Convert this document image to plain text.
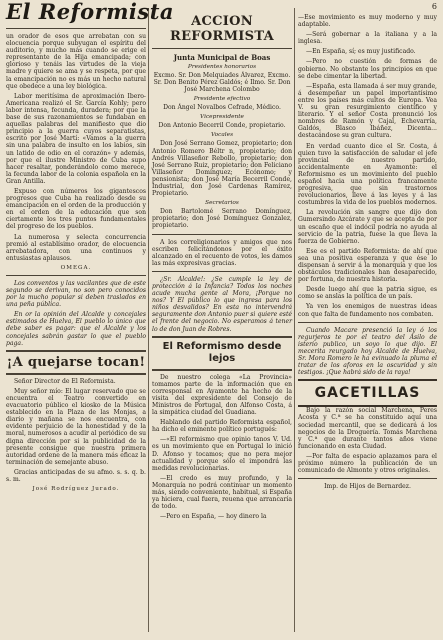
6
El Reformista

un orador de esos que arrebatan con su elocuencia porque subyugan el espíritu del auditorio, y mucho más cuando se erige el representante de la Hija emancipada; con glorioso y tenáis las virtudes de la vieja madre y quiere se ama y se respeta, por que la emancipación no es más un hecho natural que obedece a una ley biológica.

Labor meritísima de aproximación Ibero-Americana realizó el Sr. García Kohly; pero labor intensa, fecunda, duradera; por que la base de sus razonamientos se fundaban en aquellas palabras del manifiesto que dio principio a la guerra cuyos separatistas, escrito por José Martí: «Vamos a la guerra sin una palabra de insulto en los labios, sin un latido de odio en el corazón» y además, por que el ilustre Ministro de Cuba supo hacer resaltar, ponderándolo como merece, la fecunda labor de la colonia española en la Gran Antilla.

Expuso con números los gigantescos progresos que Cuba ha realizado desde su emancipación en el orden de la producción y en el orden de la educación que son ciertamente los tres puntos fundamentales del progreso de los pueblos.

La numerosa y selecta concurrencia premió al establísimo orador, de elocuencia arrebatadora, con una continuos y entusiastas aplausos.

OMEGA.

Los conventos y las vacilantes que de este segundo se derivan, no son pero conocidos por la mucho popular si deben traslados en una peña pública.

En or la opinión del Alcalde y concejales estimados de Huelva, El pueblo lo único que debe saber es pagar: que el Alcalde y los concejales sabrán gastar lo que el pueblo paga.

¡A quejarse tocan!

Señor Director de El Reformista.

Muy señor mío: El lugar reservado que se encuentra el Teatro convertido en evacuatorio público el kiosko de la Música establecido en la Plaza de las Monjas, a diario y mañana se nos encuentra, con evidente perjuicio de la honestidad y de la moral, numerosos a acudir al periódico de su digna dirección por si la publicidad de la presente consigue que nuestra primera autoridad ordene de la manera más eficaz la terminación de semejante abuso.

Gracias anticipadas de su afmo. s. s. q. b. s. m.

José Rodríguez Jurado.
ACCION REFORMISTA
Junta Municipal de Boas
Presidentes honorarios

Excmo. Sr. Don Melquiades Álvarez, Excmo. Sr. Don Benito Pérez Galdós; é Ilmo. Sr. Don José Marchena Colombo

Presidente efectivo

Don Ángel Novalbos Cefrade, Médico.

Vicepresidente

Don Antonio Becerril Conde, propietario.

Vocales

Don José Serrano Gomez, propietario; don Antonio Romero Béltr n, propietario; don Andrés Villaseñor Rebollo, propietario; don José Serrano Ruiz, propietario; don Feliciano Villaseñor Domínguez; Ecónomo; y pensionista; don José María Becerril Conde, Industrial, don José Cardenas Ramírez, Propietario.

Secretarios

Don Bartolomé Serrano Domínguez, propietario; don José Domínguez Gonzalez, propietario.

A los correligionarios y amigos que nos escriben felicitándonos por el éxito alcanzado en el recuento de votos, les damos las más expresivas gracias.

¿Sr. Alcalde!: ¿Se cumple la ley de protección á la Infancia? Todos los noches acude mucha gente al Mora, ¡Porque no nos? Y El público lo que ingresa para los niños desvalidos? En esta no intervendrá seguramente don Antonio puer si quiere esté el frente del negocio. No esperamos á tener lo de don Juan de Robres.

El Reformismo desde lejos

De nuestro colega «La Provincia» tomamos parte de la información que en corresponsal en Ayamonte ha hecho de la visita del expresidente del Consejo de Ministros de Portugal, don Alfonso Costa, á la simpática ciudad del Guadiana.

Hablando del partido Reformista español, ha dicho el eminente político portugués:

—«El reformismo que opinio tanos V. Ud. es un movimiento que en Portugal lo inició D. Afonso y tocamos; que no pera mejor actualidad y porque sólo el impondrá las medidas revolucionarias.

—El credo es muy profundo, y la Monarquía no podrá continuar un momento más, siendo conveniente, habitual, si España ya hiciera, cual fuera, reuena que arrancaría de todo.

—Pero en España, — hoy dinero la

—Ese movimiento es muy moderno y muy adaptable.

—Será gobernar a la italiana y a la inglesa.

—En España, sí; es muy justificado.

—Pero no cuestión de formas de gobierno. No obstante los principios en que se debe cimentar la libertad.

—España, esta llamada á ser muy grande, á desempeñar un papel importantísimo entre los países más cultos de Europa. Vea V. su gran resurgimiento científico y literario. Y el señor Costa pronunció los nombres de Ramón y Cajal, Echevarría, Galdós, Blasco Ibáñez, Dicenta... destacándose su gran cultura.

En verdad cuanto dice el Sr. Costa, á quien tuvo la satisfacción de saludar el jefe provincial de nuestro partido, accidentalmente en Ayamonte: el Reformismo es un movimiento del pueblo español hacia una política francamente progresiva, que sin trastornos revolucionarios, lleve á las leyes y á las costumbres la vida de los pueblos modernos.

La revolución sin sangre que dijo don Gumersindo Azcárate y que se acepta de por un escaño que el indócil podría no ayuda al servicio de la patria, fuese la que lleva la fuerza de Gobierno.

Ese es el partido Reformista: de ahí que sea una positiva esperanza y que ése lo dispensan á servir á la monarquía y que los obstáculos tradicionales han desaparecido, por fortuna, de nuestra historia.

Desde luego ahí que la patria sigue, es como se anslas la política de un país.

Ya ven los enemigos de nuestras ideas con que falta de fundamento nos combaten.

Cuando Macare presenció la ley ó los regurjeros te por el teatro del Asilo de isterio publico, un soyo lo que dijo. El mecerita reurgado hoy Alcalde de Huelva, Sr. Mora Romero le ha evinuado la pluma el tratar de los aforos en la oscuridad y sin testigos. ¡Que habrá sido de la raya!

GACETILLAS

Bajo la razón social Marchena, Peres Acosta y C.ª se ha constituido aquí una sociedad mercantil, que se dedicará á los negocios de la Droguería. Tomás Marchena y C.ª que durante tantos años viene funcionando en esta Ciudad.

—Por falta de espacio aplazamos para el próximo número la publicación de un comunicado de Almonte y otros originales.

Imp. de Hijos de Bernardez.
